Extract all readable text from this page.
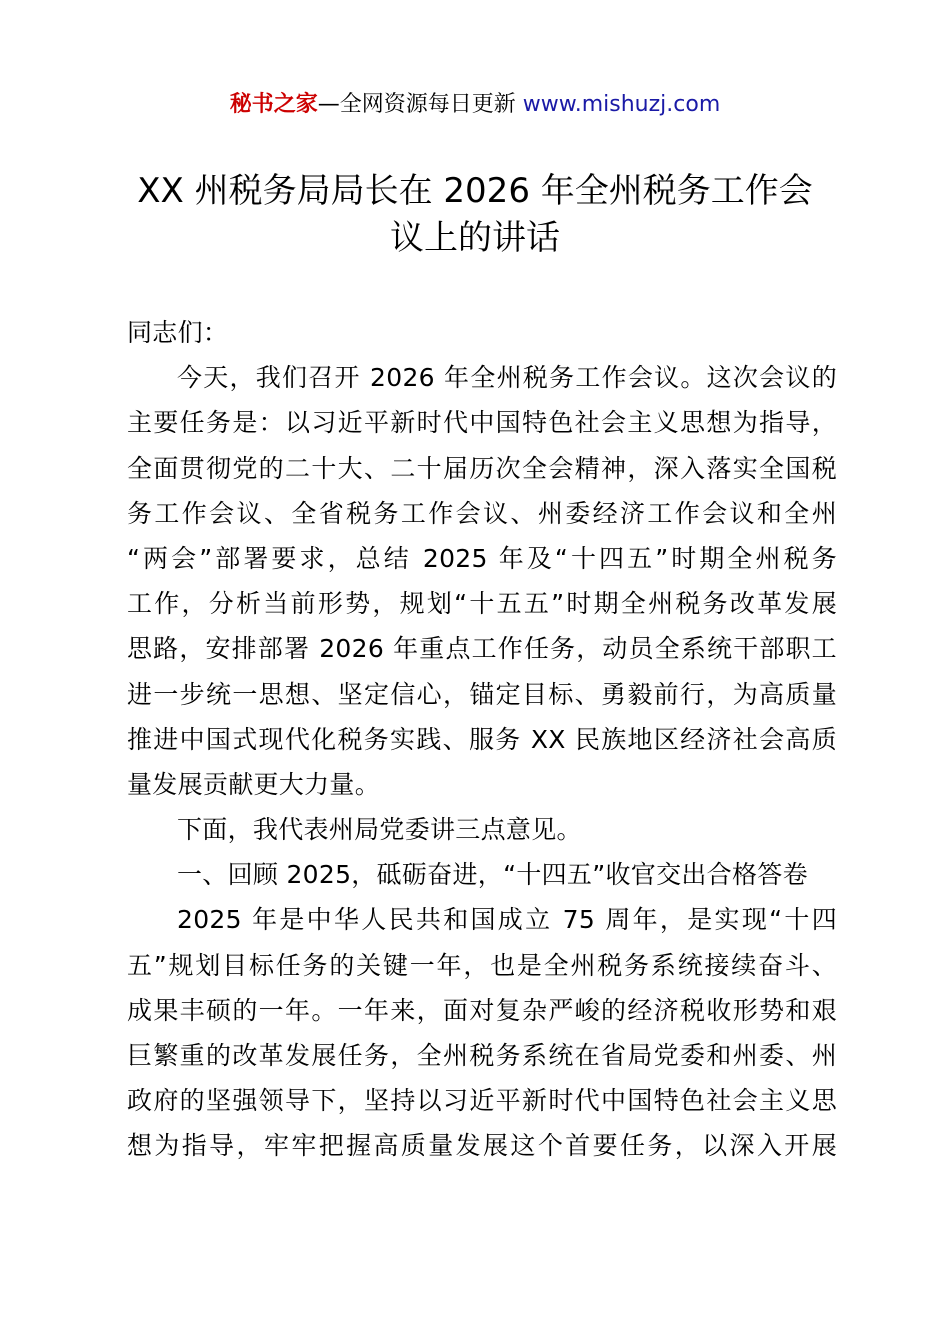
秘书之家—全网资源每日更新 www.mishuzj.com
XX 州税务局局长在 2026 年全州税务工作会
议上的讲话
同志们：
今天，我们召开 2026 年全州税务工作会议。这次会议的
主要任务是：以习近平新时代中国特色社会主义思想为指导，
全面贯彻党的二十大、二十届历次全会精神，深入落实全国税
务工作会议、全省税务工作会议、州委经济工作会议和全州
“两会”部署要求，总结 2025 年及“十四五”时期全州税务
工作，分析当前形势，规划“十五五”时期全州税务改革发展
思路，安排部署 2026 年重点工作任务，动员全系统干部职工
进一步统一思想、坚定信心，锚定目标、勇毅前行，为高质量
推进中国式现代化税务实践、服务 XX 民族地区经济社会高质
量发展贡献更大力量。
下面，我代表州局党委讲三点意见。
一、回顾 2025，砥砺奋进，“十四五”收官交出合格答卷
2025 年是中华人民共和国成立 75 周年，是实现“十四
五”规划目标任务的关键一年，也是全州税务系统接续奋斗、
成果丰硕的一年。一年来，面对复杂严峻的经济税收形势和艰
巨繁重的改革发展任务，全州税务系统在省局党委和州委、州
政府的坚强领导下，坚持以习近平新时代中国特色社会主义思
想为指导，牢牢把握高质量发展这个首要任务，以深入开展
